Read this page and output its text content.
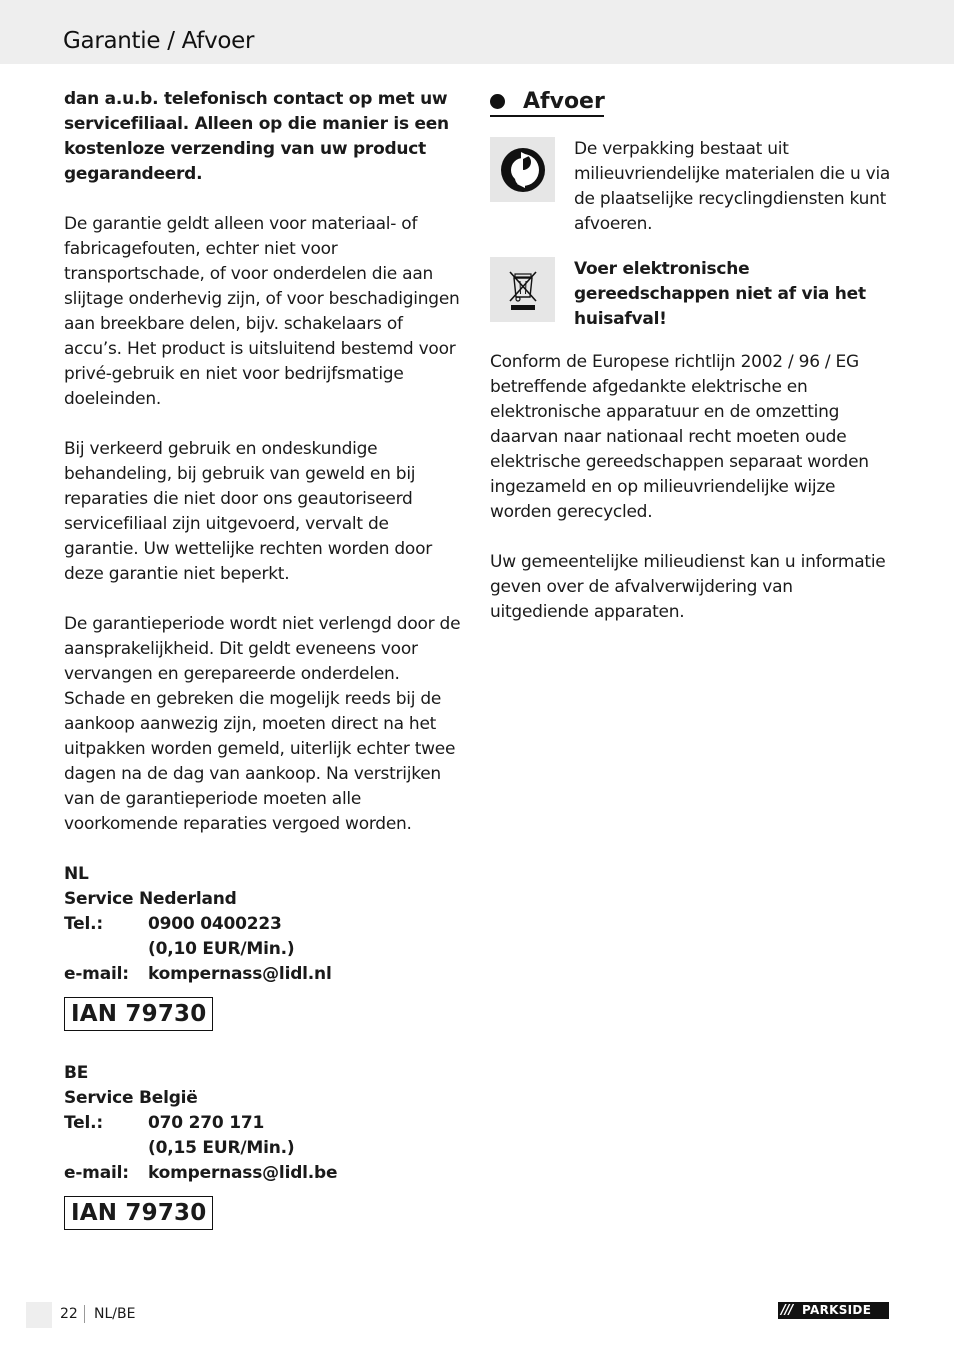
Garantie / Afvoer

dan a.u.b. telefonisch contact op met uw servicefiliaal. Alleen op die manier is een kostenloze verzending van uw product gegarandeerd.

De garantie geldt alleen voor materiaal- of fabricagefouten, echter niet voor transportschade, of voor onderdelen die aan slijtage onderhevig zijn, of voor beschadigingen aan breekbare delen, bijv. schakelaars of accu’s. Het product is uitsluitend bestemd voor privé-gebruik en niet voor bedrijfsmatige doeleinden.

Bij verkeerd gebruik en ondeskundige behandeling, bij gebruik van geweld en bij reparaties die niet door ons geautoriseerd servicefiliaal zijn uitgevoerd, vervalt de garantie. Uw wettelijke rechten worden door deze garantie niet beperkt.

De garantieperiode wordt niet verlengd door de aansprakelijkheid. Dit geldt eveneens voor vervangen en gerepareerde onderdelen. Schade en gebreken die mogelijk reeds bij de aankoop aanwezig zijn, moeten direct na het uitpakken worden gemeld, uiterlijk echter twee dagen na de dag van aankoop. Na verstrijken van de garantieperiode moeten alle voorkomende reparaties vergoed worden.

NL
Service Nederland
Tel.:	0900 0400223
(0,10 EUR/Min.)
e-mail:	kompernass@lidl.nl
IAN 79730
BE
Service België
Tel.:	070 270 171
(0,15 EUR/Min.)
e-mail:	kompernass@lidl.be
IAN 79730
Afvoer

De verpakking bestaat uit milieuvriendelijke materialen die u via de plaatselijke recyclingdiensten kunt afvoeren.

Voer elektronische gereedschappen niet af via het huisafval!

Conform de Europese richtlijn 2002 / 96 / EG betreffende afgedankte elektrische en elektronische apparatuur en de omzetting daarvan naar nationaal recht moeten oude elektrische gereedschappen separaat worden ingezameld en op milieuvriendelijke wijze worden gerecycled.

Uw gemeentelijke milieudienst kan u informatie geven over de afvalverwijdering van uitgediende apparaten.

22 NL/BE	/// PARKSIDE
